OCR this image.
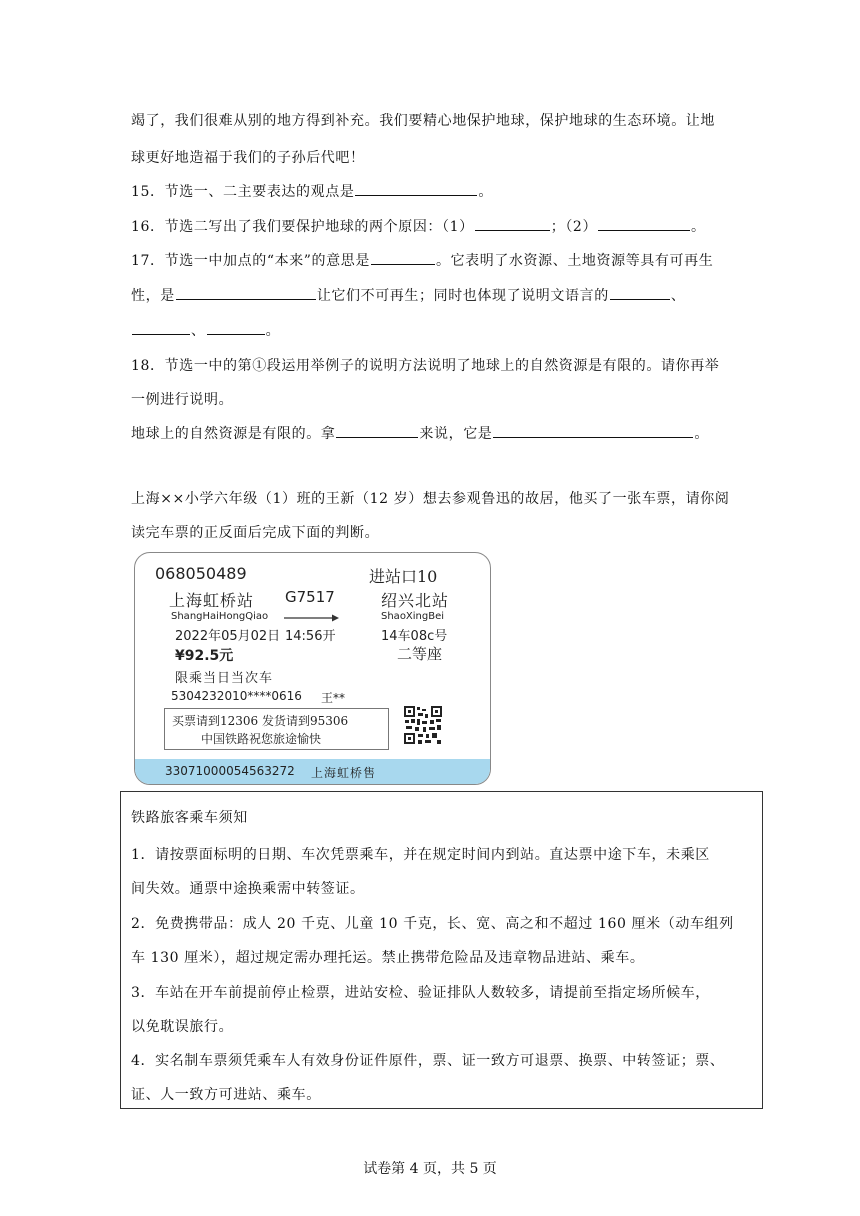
竭了，我们很难从别的地方得到补充。我们要精心地保护地球，保护地球的生态环境。让地
球更好地造福于我们的子孙后代吧！
15．节选一、二主要表达的观点是	。
16．节选二写出了我们要保护地球的两个原因：（1）	；（2）	。
17．节选一中加点的“本来”的意思是	。它表明了水资源、土地资源等具有可再生
性，是	让它们不可再生；同时也体现了说明文语言的	、
、	。
18．节选一中的第①段运用举例子的说明方法说明了地球上的自然资源是有限的。请你再举
一例进行说明。
地球上的自然资源是有限的。拿	来说，它是	。
上海××小学六年级（1）班的王新（12 岁）想去参观鲁迅的故居，他买了一张车票，请你阅
读完车票的正反面后完成下面的判断。
068050489	进站口10
上海虹桥站 G7517	绍兴北站
ShangHaiHongQiao	ShaoXingBei
2022年05月02日 14:56开	14车08c号
¥92.5元	二等座
限乘当日当次车
5304232010****0616 王**
买票请到12306 发货请到95306
中国铁路祝您旅途愉快
33071000054563272 上海虹桥售
铁路旅客乘车须知
1．请按票面标明的日期、车次凭票乘车，并在规定时间内到站。直达票中途下车，未乘区
间失效。通票中途换乘需中转签证。
2．免费携带品：成人 20 千克、儿童 10 千克，长、宽、高之和不超过 160 厘米（动车组列
车 130 厘米），超过规定需办理托运。禁止携带危险品及违章物品进站、乘车。
3．车站在开车前提前停止检票，进站安检、验证排队人数较多，请提前至指定场所候车，
以免耽误旅行。
4．实名制车票须凭乘车人有效身份证件原件，票、证一致方可退票、换票、中转签证；票、
证、人一致方可进站、乘车。
试卷第 4 页，共 5 页
